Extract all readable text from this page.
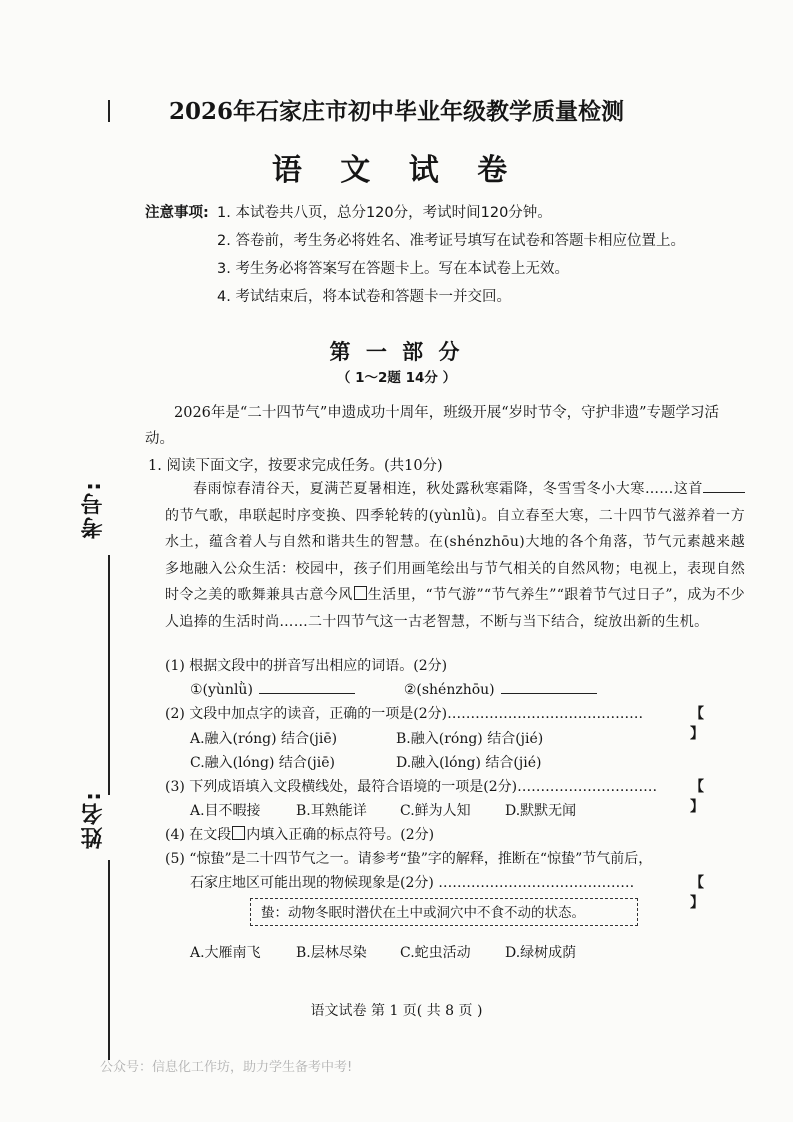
考号:
姓名:
2026年石家庄市初中毕业年级教学质量检测
语 文 试 卷
注意事项: 1. 本试卷共八页，总分120分，考试时间120分钟。
2. 答卷前，考生务必将姓名、准考证号填写在试卷和答题卡相应位置上。
3. 考生务必将答案写在答题卡上。写在本试卷上无效。
4. 考试结束后，将本试卷和答题卡一并交回。
第 一 部 分
（ 1～2题 14分 ）
2026年是“二十四节气”申遗成功十周年，班级开展“岁时节令，守护非遗”专题学习活动。
1. 阅读下面文字，按要求完成任务。(共10分)
春雨惊春清谷天，夏满芒夏暑相连，秋处露秋寒霜降，冬雪雪冬小大寒……这首的节气歌，串联起时序变换、四季轮转的(yùnlǜ)。自立春至大寒，二十四节气滋养着一方水土，蕴含着人与自然和谐共生的智慧。在(shénzhōu)大地的各个角落，节气元素越来越多地融入公众生活：校园中，孩子们用画笔绘出与节气相关的自然风物；电视上，表现自然时令之美的歌舞兼具古意今风 生活里，“节气游”“节气养生”“跟着节气过日子”，成为不少人追捧的生活时尚……二十四节气这一古老智慧，不断与当下结合，绽放出新的生机。
(1) 根据文段中的拼音写出相应的词语。(2分)
①(yùnlǜ)	②(shénzhōu)
(2) 文段中加点字的读音，正确的一项是(2分)……………………………………	【 】
A.融入(róng) 结合(jiē)	B.融入(róng) 结合(jié)
C.融入(lóng) 结合(jiē)	D.融入(lóng) 结合(jié)
(3) 下列成语填入文段横线处，最符合语境的一项是(2分)………………………… 【 】
A.目不暇接	B.耳熟能详 C.鲜为人知 D.默默无闻
(4) 在文段 内填入正确的标点符号。(2分)
(5) “惊蛰”是二十四节气之一。请参考“蛰”字的解释，推断在“惊蛰”节气前后，
石家庄地区可能出现的物候现象是(2分) ……………………………………	【 】
蛰：动物冬眠时潜伏在土中或洞穴中不食不动的状态。
A.大雁南飞	B.层林尽染 C.蛇虫活动 D.绿树成荫
语文试卷 第 1 页( 共 8 页 )
公众号：信息化工作坊，助力学生备考中考!
